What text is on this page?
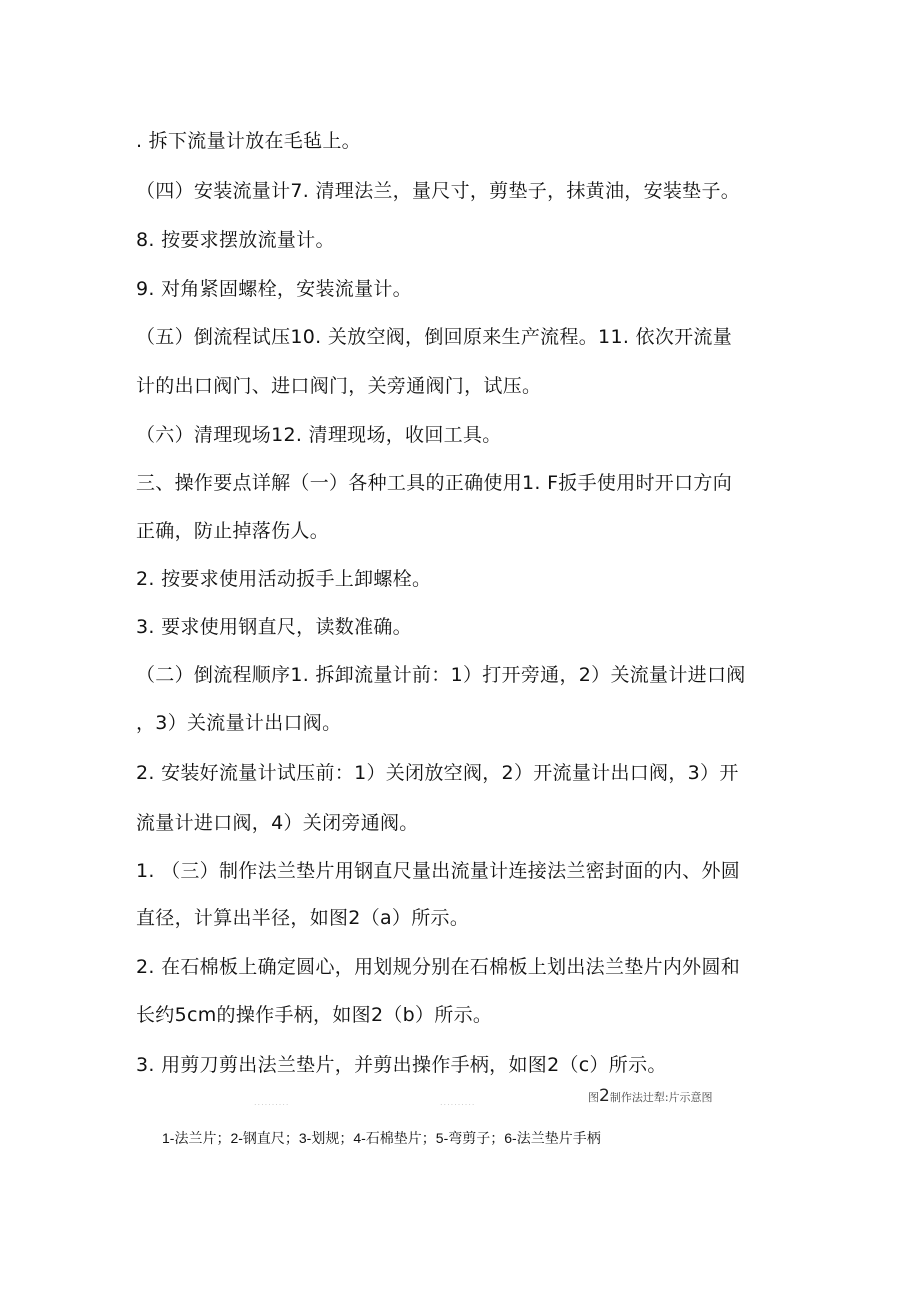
. 拆下流量计放在毛毡上。
（四）安装流量计7. 清理法兰，量尺寸，剪垫子，抹黄油，安装垫子。
8. 按要求摆放流量计。
9. 对角紧固螺栓，安装流量计。
（五）倒流程试压10. 关放空阀，倒回原来生产流程。11. 依次开流量
计的出口阀门、进口阀门，关旁通阀门，试压。
（六）清理现场12. 清理现场，收回工具。
三、操作要点详解（一）各种工具的正确使用1. F扳手使用时开口方向
正确，防止掉落伤人。
2. 按要求使用活动扳手上卸螺栓。
3. 要求使用钢直尺，读数准确。
（二）倒流程顺序1. 拆卸流量计前：1）打开旁通，2）关流量计进口阀
，3）关流量计出口阀。
2. 安装好流量计试压前：1）关闭放空阀，2）开流量计出口阀，3）开
流量计进口阀，4）关闭旁通阀。
1. （三）制作法兰垫片用钢直尺量出流量计连接法兰密封面的内、外圆
直径，计算出半径，如图2（a）所示。
2. 在石棉板上确定圆心，用划规分别在石棉板上划出法兰垫片内外圆和
长约5cm的操作手柄，如图2（b）所示。
3. 用剪刀剪出法兰垫片，并剪出操作手柄，如图2（c）所示。
..........	..........	图2制作法辻犁:片示意图
1-法兰片；2-钢直尺；3-划规；4-石棉垫片；5-弯剪子；6-法兰垫片手柄
